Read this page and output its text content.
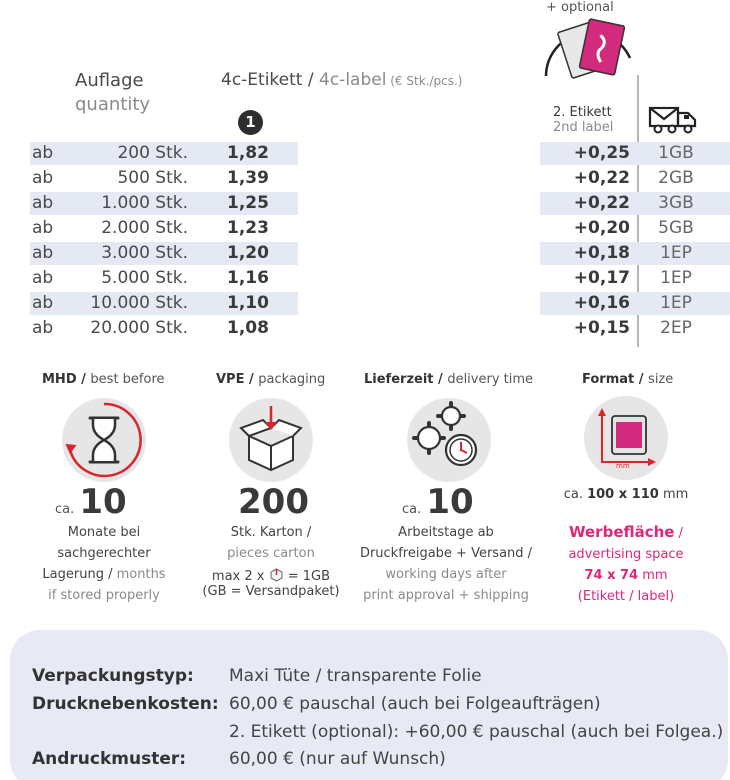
+ optional
Auflage
quantity
4c-Etikett / 4c-label (€ Stk./pcs.)
1
2. Etikett
2nd label
ab	200 Stk. 1,82	+0,25	1GB
ab	500 Stk. 1,39	+0,22	2GB
ab	1.000 Stk. 1,25	+0,22	3GB
ab	2.000 Stk. 1,23	+0,20	5GB
ab	3.000 Stk. 1,20	+0,18	1EP
ab	5.000 Stk. 1,16	+0,17	1EP
ab	10.000 Stk. 1,10	+0,16	1EP
ab	20.000 Stk. 1,08	+0,15	2EP
MHD / best before
ca. 10
Monate bei
sachgerechter
Lagerung / months
if stored properly
VPE / packaging
200
Stk. Karton /
pieces carton
max 2 x = 1GB
(GB = Versandpaket)
Lieferzeit / delivery time
ca. 10
Arbeitstage ab
Druckfreigabe + Versand /
working days after
print approval + shipping
Format / size
mm
ca. 100 x 110 mm
Werbefläche /
advertising space
74 x 74 mm
(Etikett / label)
Verpackungstyp: Maxi Tüte / transparente Folie
Drucknebenkosten: 60,00 € pauschal (auch bei Folgeaufträgen)
2. Etikett (optional): +60,00 € pauschal (auch bei Folgea.)
Andruckmuster:	60,00 € (nur auf Wunsch)
